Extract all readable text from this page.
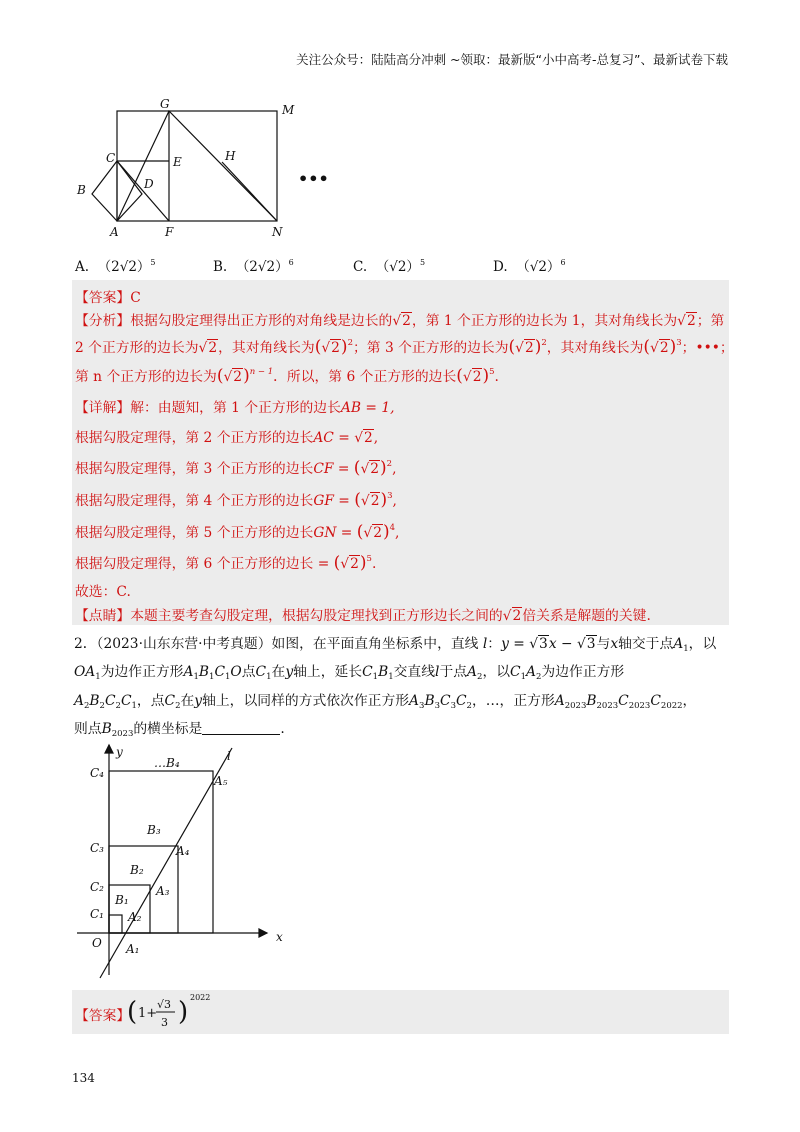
关注公众号：陆陆高分冲刺 ~领取：最新版“小中高考-总复习”、最新试卷下载
G	M
C	E	H
D
B
A	F	N
•••
A. $(2√2)^5$	B. $(2√2)^6$	C. $(√2)^5$	D. $(√2)^6$
【答案】C
【分析】根据勾股定理得出正方形的对角线是边长的√2，第 1 个正方形的边长为 1，其对角线长为√2；第
2 个正方形的边长为√2，其对角线长为$(√2)^2$；第 3 个正方形的边长为$(√2)^2$，其对角线长为$(√2)^3$；•••；
第 n 个正方形的边长为$(√2)^{n - 1}$．所以，第 6 个正方形的边长$(√2)^5$.
【详解】解：由题知，第 1 个正方形的边长AB = 1,
根据勾股定理得，第 2 个正方形的边长AC = √2,
根据勾股定理得，第 3 个正方形的边长CF = $(√2)^2$,
根据勾股定理得，第 4 个正方形的边长GF = $(√2)^3$,
根据勾股定理得，第 5 个正方形的边长GN = $(√2)^4$,
根据勾股定理得，第 6 个正方形的边长 = $(√2)^5$.
故选：C.
【点睛】本题主要考查勾股定理，根据勾股定理找到正方形边长之间的√2倍关系是解题的关键.
2．（2023·山东东营·中考真题）如图，在平面直角坐标系中，直线 l：y = √3x − √3与x轴交于点$A_1$，以
$OA_1$为边作正方形$A_1B_1C_1O$点$C_1$在y轴上，延长$C_1B_1$交直线l于点$A_2$，以$C_1A_2$为边作正方形
$A_2B_2C_2C_1$，点$C_2$在y轴上，以同样的方式依次作正方形$A_3B_3C_3C_2$，…，正方形$A_{2023}B_{2023}C_{2023}C_{2022}$，
则点$B_{2023}$的横坐标是	.
y	l
x
O
…B₄
A₅
C₄
B₃
C₃	A₄
B₂
C₂	A₃
B₁
C₁ A₂
A₁
【答案】
( 1+
√3
3 ) 2022
134
